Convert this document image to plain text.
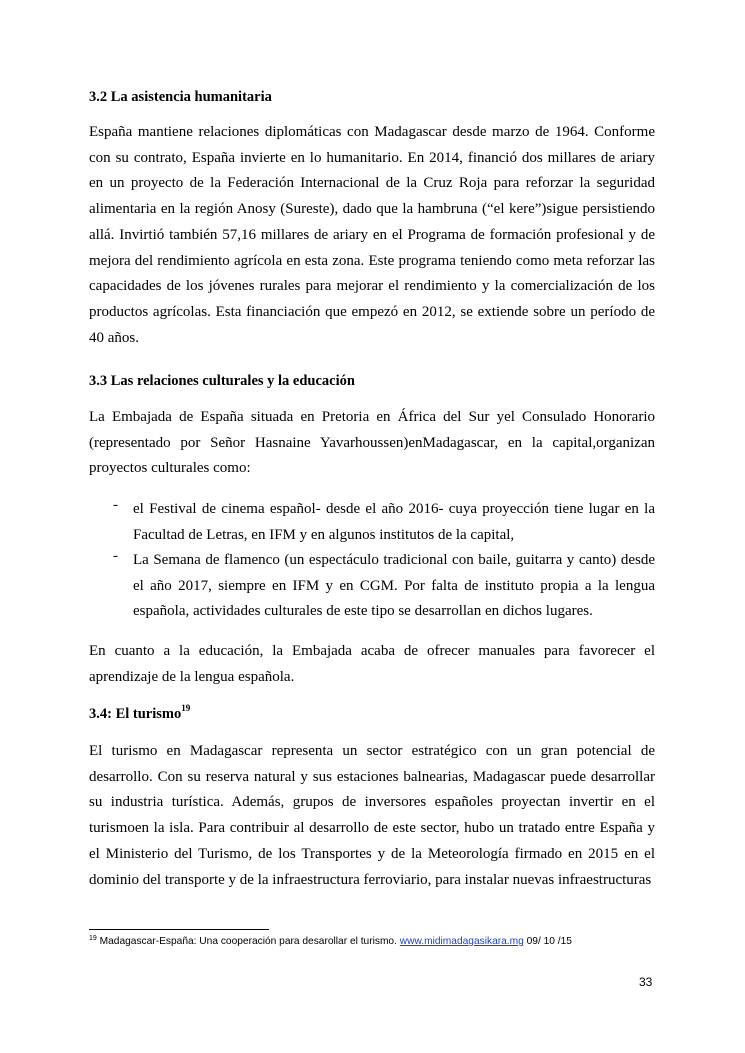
3.2 La asistencia humanitaria
España mantiene relaciones diplomáticas con Madagascar desde marzo de 1964. Conforme con su contrato, España invierte en lo humanitario. En 2014, financió dos millares de ariary en un proyecto de la Federación Internacional de la Cruz Roja para reforzar la seguridad alimentaria en la región Anosy (Sureste), dado que la hambruna (“el kere”)sigue persistiendo allá. Invirtió también 57,16 millares de ariary en el Programa de formación profesional y de mejora del rendimiento agrícola en esta zona. Este programa teniendo como meta reforzar las capacidades de los jóvenes rurales para mejorar el rendimiento y la comercialización de los productos agrícolas. Esta financiación que empezó en 2012, se extiende sobre un período de 40 años.
3.3 Las relaciones culturales y la educación
La Embajada de España situada en Pretoria en África del Sur yel Consulado Honorario (representado por Señor Hasnaine Yavarhoussen)enMadagascar, en la capital,organizan proyectos culturales como:
- el Festival de cinema español- desde el año 2016- cuya proyección tiene lugar en la Facultad de Letras, en IFM y en algunos institutos de la capital,
- La Semana de flamenco (un espectáculo tradicional con baile, guitarra y canto) desde el año 2017, siempre en IFM y en CGM. Por falta de instituto propia a la lengua española, actividades culturales de este tipo se desarrollan en dichos lugares.
En cuanto a la educación, la Embajada acaba de ofrecer manuales para favorecer el aprendizaje de la lengua española.
3.4: El turismo$^{19}$
El turismo en Madagascar representa un sector estratégico con un gran potencial de desarrollo. Con su reserva natural y sus estaciones balnearias, Madagascar puede desarrollar su industria turística. Además, grupos de inversores españoles proyectan invertir en el turismoen la isla. Para contribuir al desarrollo de este sector, hubo un tratado entre España y el Ministerio del Turismo, de los Transportes y de la Meteorología firmado en 2015 en el dominio del transporte y de la infraestructura ferroviario, para instalar nuevas infraestructuras
$^{19}$ Madagascar-España: Una cooperación para desarollar el turismo. www.midimadagasikara.mg 09/ 10 /15
33
